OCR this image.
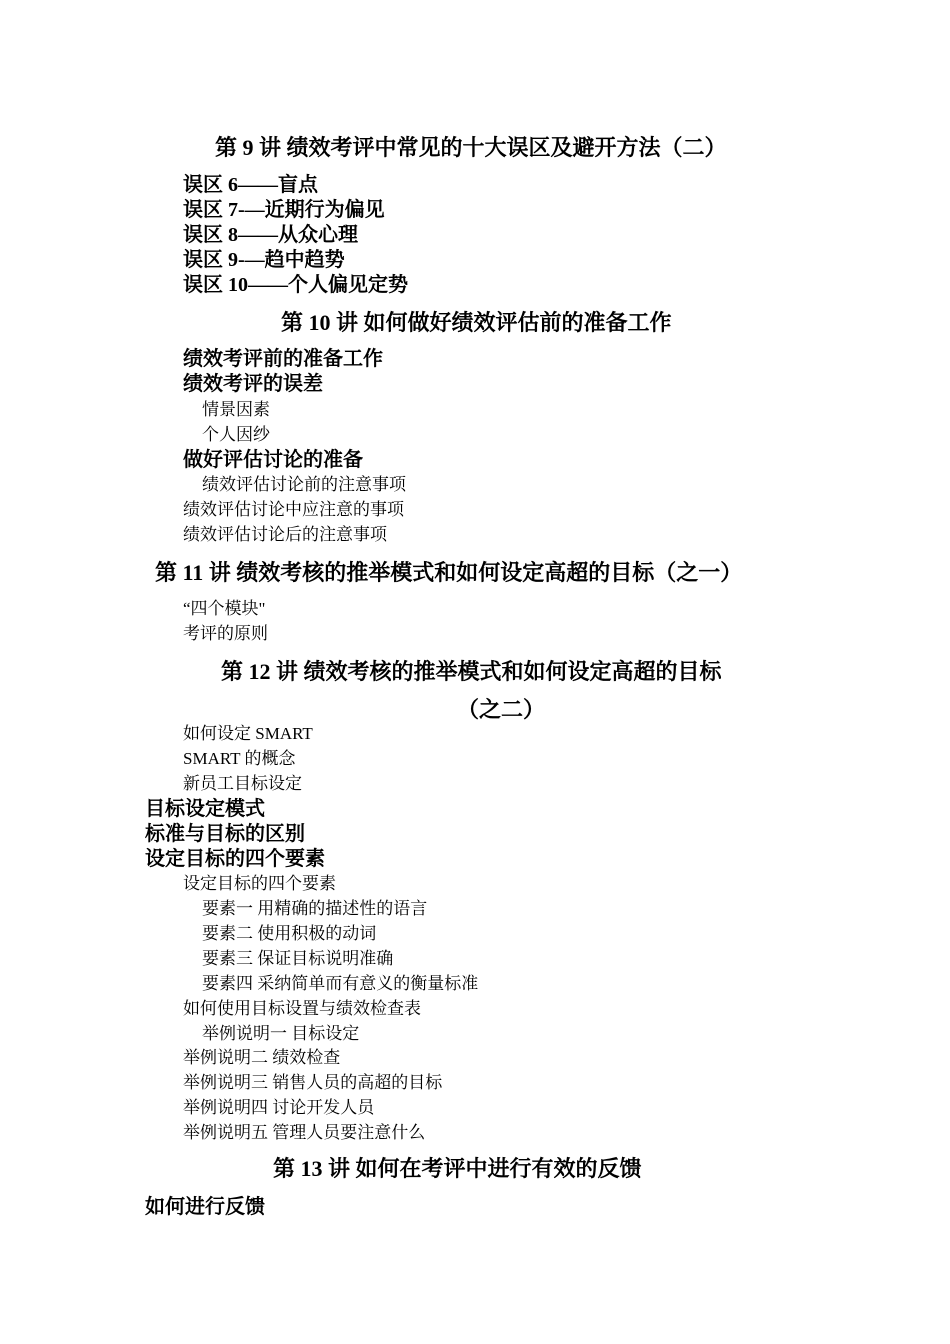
第 9 讲 绩效考评中常见的十大误区及避开方法（二）
误区 6——盲点
误区 7-—近期行为偏见
误区 8——从众心理
误区 9-—趋中趋势
误区 10——个人偏见定势
第 10 讲 如何做好绩效评估前的准备工作
绩效考评前的准备工作
绩效考评的误差
情景因素
个人因纱
做好评估讨论的准备
绩效评估讨论前的注意事项
绩效评估讨论中应注意的事项
绩效评估讨论后的注意事项
第 11 讲 绩效考核的推举模式和如何设定高超的目标（之一）
“四个模块"
考评的原则
第 12 讲 绩效考核的推举模式和如何设定高超的目标
（之二）
如何设定 SMART
SMART 的概念
新员工目标设定
目标设定模式
标准与目标的区别
设定目标的四个要素
设定目标的四个要素
要素一 用精确的描述性的语言
要素二 使用积极的动词
要素三 保证目标说明准确
要素四 采纳简单而有意义的衡量标准
如何使用目标设置与绩效检查表
举例说明一 目标设定
举例说明二 绩效检查
举例说明三 销售人员的高超的目标
举例说明四 讨论开发人员
举例说明五 管理人员要注意什么
第 13 讲 如何在考评中进行有效的反馈
如何进行反馈
